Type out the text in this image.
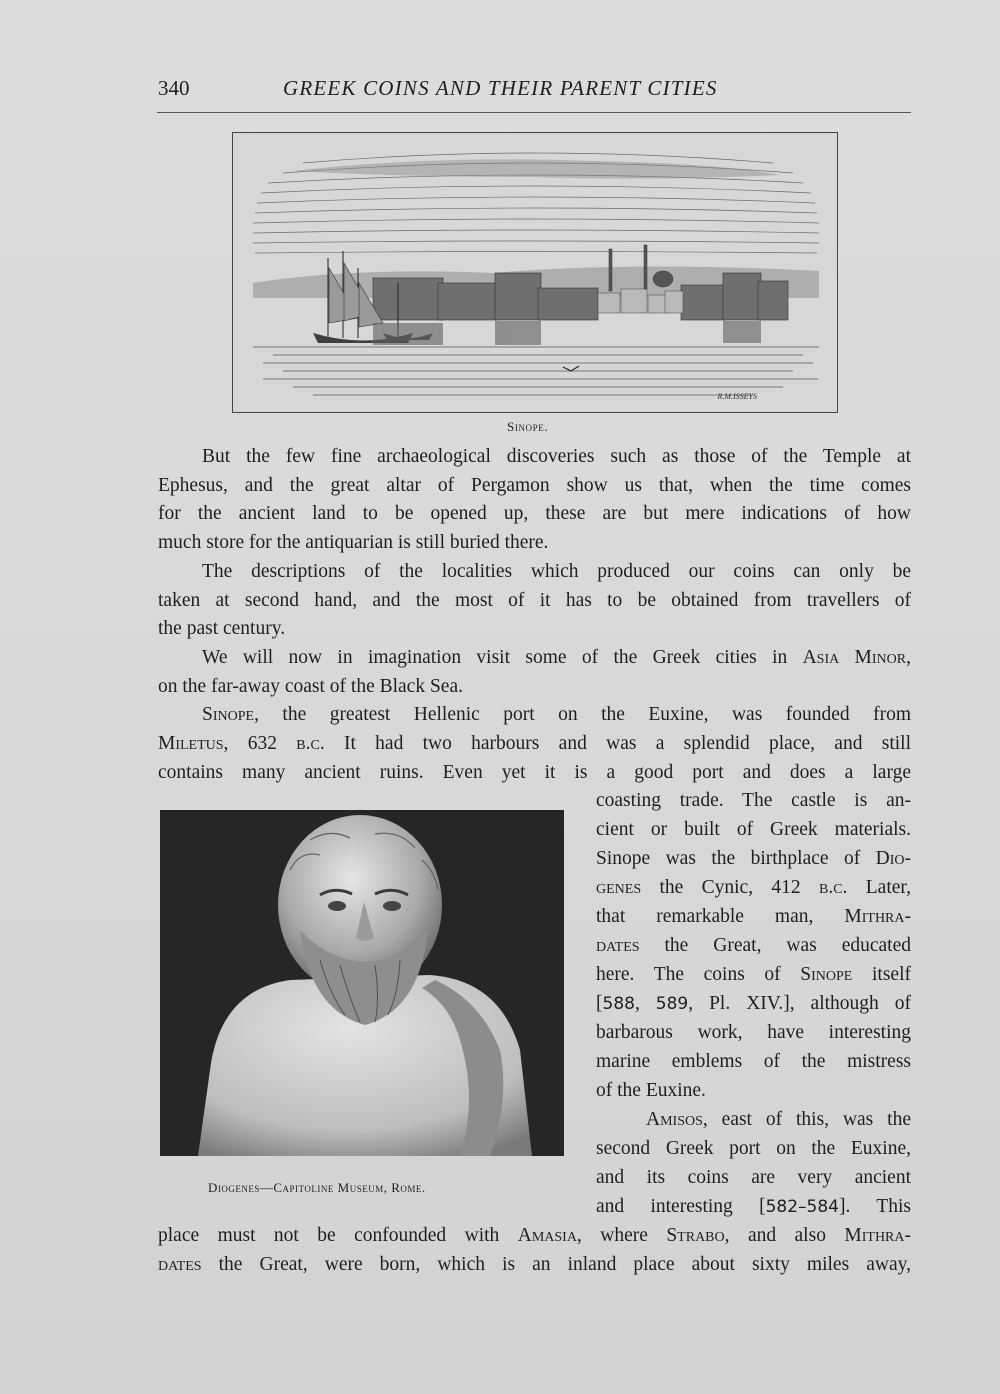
340	GREEK COINS AND THEIR PARENT CITIES
R.M.ISSEYS
Sinope.
But the few fine archaeological discoveries such as those of the Temple at
Ephesus, and the great altar of Pergamon show us that, when the time comes
for the ancient land to be opened up, these are but mere indications of how
much store for the antiquarian is still buried there.
The descriptions of the localities which produced our coins can only be
taken at second hand, and the most of it has to be obtained from travellers of
the past century.
We will now in imagination visit some of the Greek cities in Asia Minor,
on the far-away coast of the Black Sea.
Sinope, the greatest Hellenic port on the Euxine, was founded from
Miletus, 632 b.c. It had two harbours and was a splendid place, and still
contains many ancient ruins. Even yet it is a good port and does a large
Diogenes—Capitoline Museum, Rome.
coasting trade. The castle is an-
cient or built of Greek materials.
Sinope was the birthplace of Dio-
genes the Cynic, 412 b.c. Later,
that remarkable man, Mithra-
dates the Great, was educated
here. The coins of Sinope itself
[588, 589, Pl. XIV.], although of
barbarous work, have interesting
marine emblems of the mistress
of the Euxine.
Amisos, east of this, was the
second Greek port on the Euxine,
and its coins are very ancient
and interesting [582–584]. This
place must not be confounded with Amasia, where Strabo, and also Mithra-
dates the Great, were born, which is an inland place about sixty miles away,
